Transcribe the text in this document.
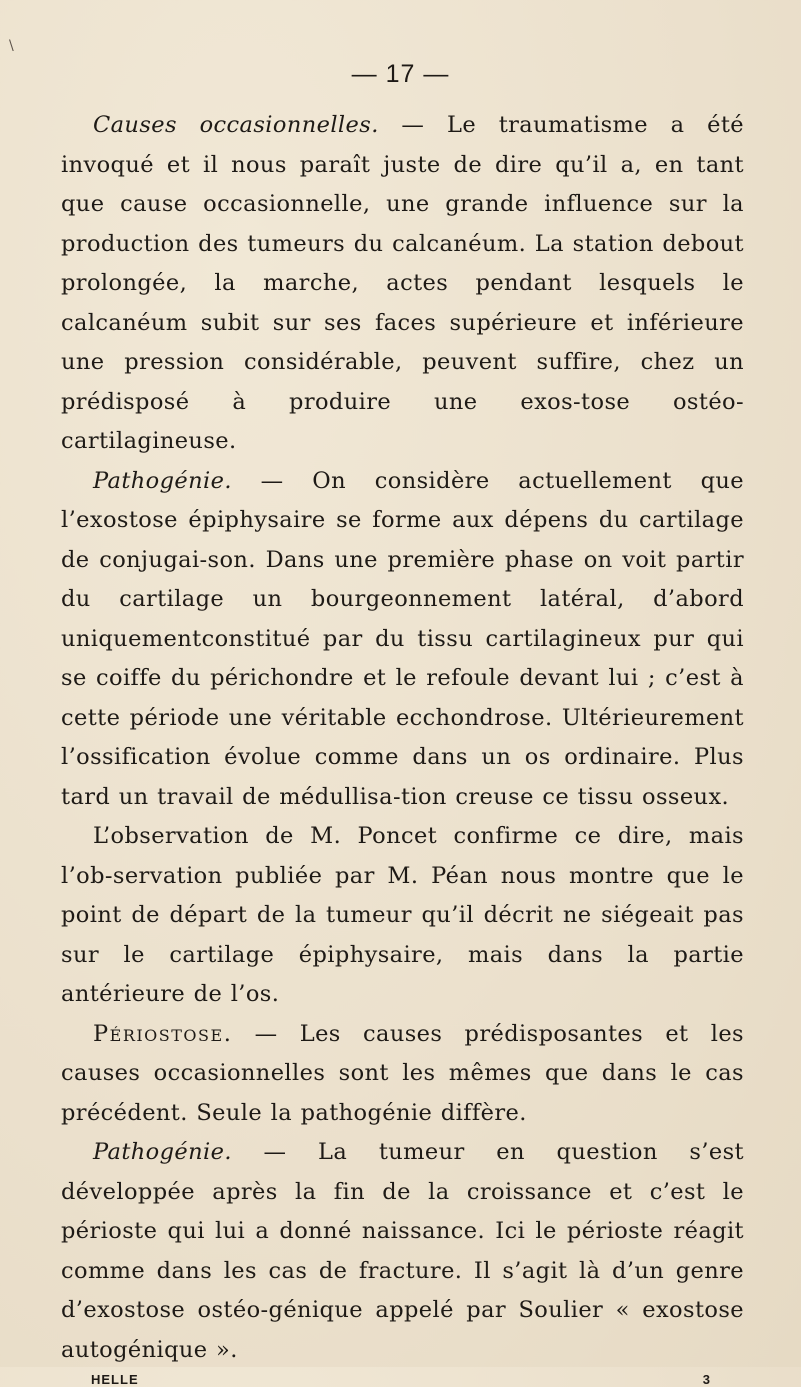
\
— 17 —

Causes occasionnelles. — Le traumatisme a été invoqué et il nous paraît juste de dire qu’il a, en tant que cause occasionnelle, une grande influence sur la production des tumeurs du calcanéum. La station debout prolongée, la marche, actes pendant lesquels le calcanéum subit sur ses faces supérieure et inférieure une pression considérable, peuvent suffire, chez un prédisposé à produire une exos-tose ostéo-cartilagineuse.

Pathogénie. — On considère actuellement que l’exostose épiphysaire se forme aux dépens du cartilage de conjugai-son. Dans une première phase on voit partir du cartilage un bourgeonnement latéral, d’abord uniquementconstitué par du tissu cartilagineux pur qui se coiffe du périchondre et le refoule devant lui ; c’est à cette période une véritable ecchondrose. Ultérieurement l’ossification évolue comme dans un os ordinaire. Plus tard un travail de médullisa-tion creuse ce tissu osseux.

L’observation de M. Poncet confirme ce dire, mais l’ob-servation publiée par M. Péan nous montre que le point de départ de la tumeur qu’il décrit ne siégeait pas sur le cartilage épiphysaire, mais dans la partie antérieure de l’os.

Périostose. — Les causes prédisposantes et les causes occasionnelles sont les mêmes que dans le cas précédent. Seule la pathogénie diffère.

Pathogénie. — La tumeur en question s’est développée après la fin de la croissance et c’est le périoste qui lui a donné naissance. Ici le périoste réagit comme dans les cas de fracture. Il s’agit là d’un genre d’exostose ostéo-génique appelé par Soulier « exostose autogénique ».

HELLE	3
